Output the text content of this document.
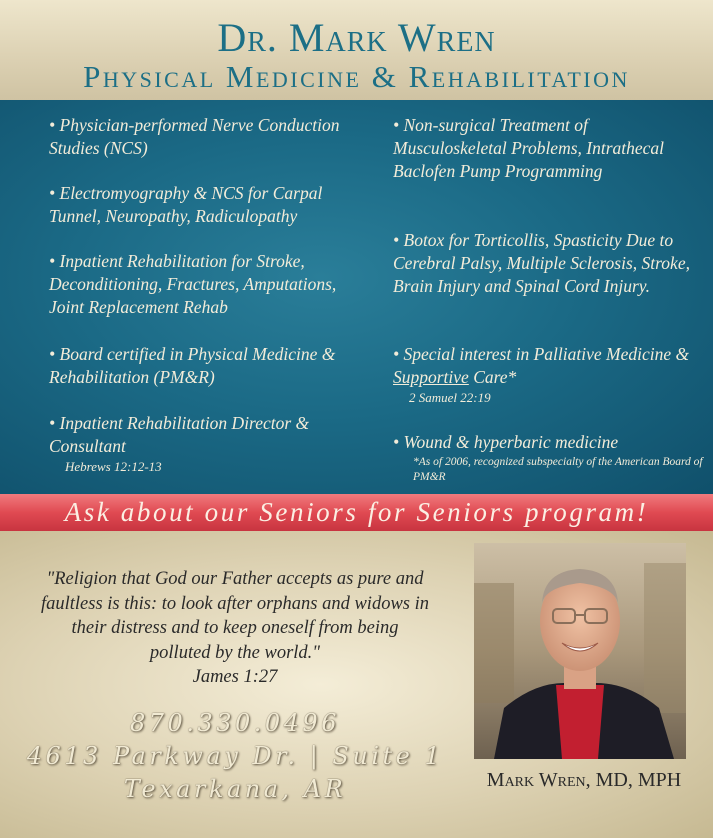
Dr. Mark Wren
Physical Medicine & Rehabilitation
• Physician-performed Nerve Conduction Studies (NCS)
• Electromyography & NCS for Carpal Tunnel, Neuropathy, Radiculopathy
• Inpatient Rehabilitation for Stroke, Deconditioning, Fractures, Amputations, Joint Replacement Rehab
• Board certified in Physical Medicine & Rehabilitation (PM&R)
• Inpatient Rehabilitation Director & Consultant
Hebrews 12:12-13
• Non-surgical Treatment of Musculoskeletal Problems, Intrathecal Baclofen Pump Programming
• Botox for Torticollis, Spasticity Due to Cerebral Palsy, Multiple Sclerosis, Stroke, Brain Injury and Spinal Cord Injury.
• Special interest in Palliative Medicine & Supportive Care*
2 Samuel 22:19
• Wound & hyperbaric medicine
*As of 2006, recognized subspecialty of the American Board of PM&R
Ask about our Seniors for Seniors program!
"Religion that God our Father accepts as pure and faultless is this: to look after orphans and widows in their distress and to keep oneself from being polluted by the world."
James 1:27
870.330.0496
4613 Parkway Dr. | Suite 1
Texarkana, AR	Mark Wren, MD, MPH
